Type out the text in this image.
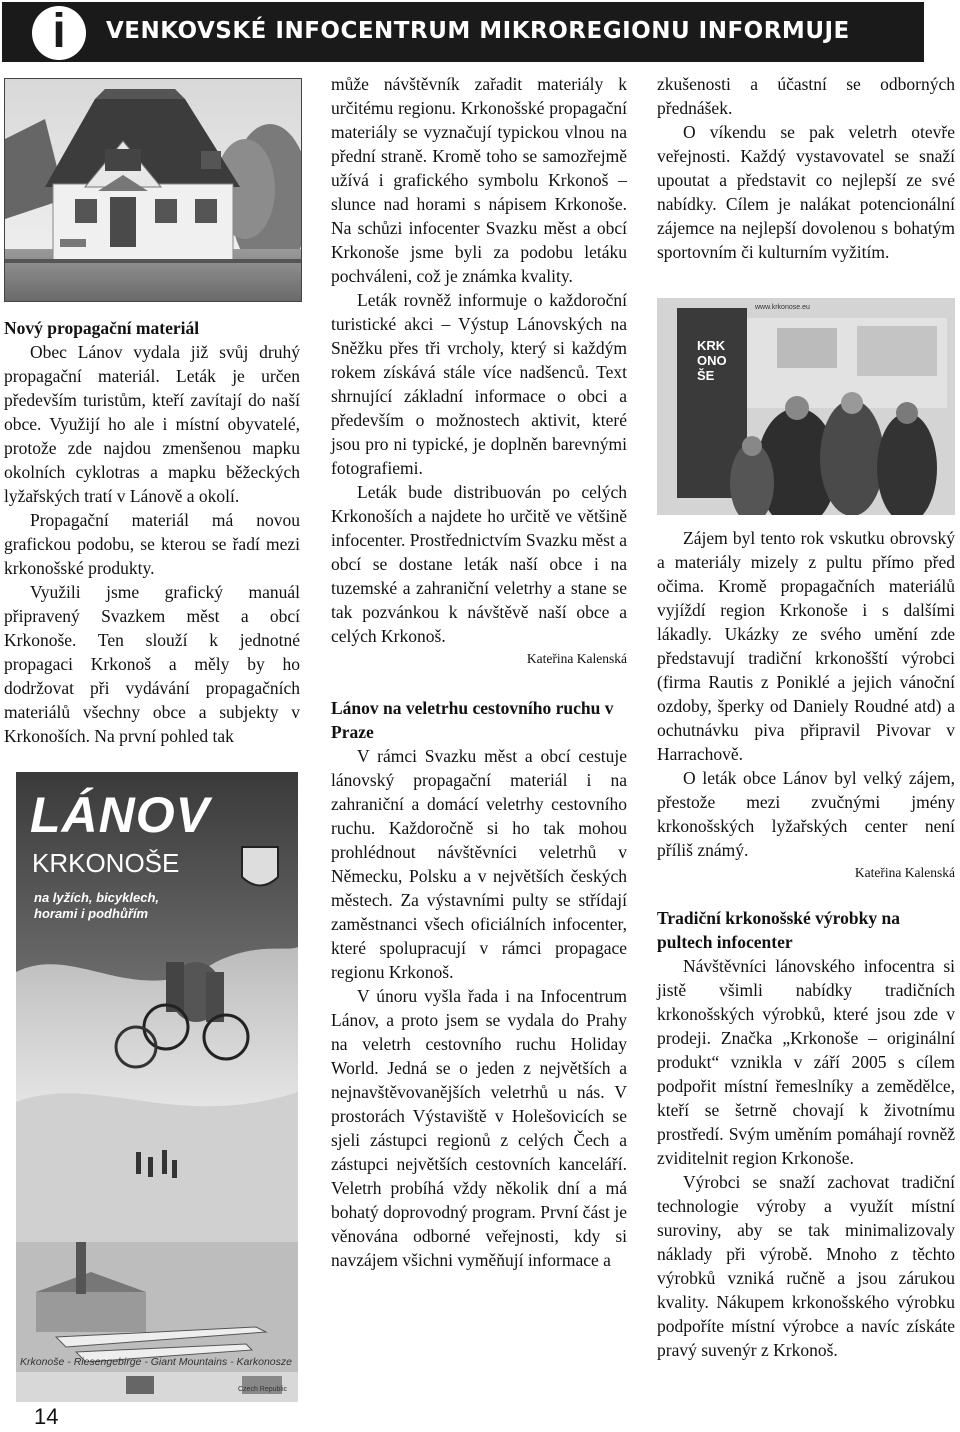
i	VENKOVSKÉ INFOCENTRUM MIKROREGIONU INFORMUJE
Nový propagační materiál

Obec Lánov vydala již svůj druhý propagační materiál. Leták je určen především turistům, kteří zavítají do naší obce. Využijí ho ale i místní obyvatelé, protože zde najdou zmenšenou mapku okolních cyklotras a mapku běžeckých lyžařských tratí v Lánově a okolí.

Propagační materiál má novou grafickou podobu, se kterou se řadí mezi krkonošské produkty.

Využili jsme grafický manuál připravený Svazkem měst a obcí Krkonoše. Ten slouží k jednotné propagaci Krkonoš a měly by ho dodržovat při vydávání propagačních materiálů všechny obce a subjekty v Krkonoších. Na první pohled tak

LÁNOV
KRKONOŠE
na lyžích, bicyklech, horami i podhůřím
Krkonoše - Riesengebirge - Giant Mountains - Karkonosze
Czech Republic

může návštěvník zařadit materiály k určitému regionu. Krkonošské propagační materiály se vyznačují typickou vlnou na přední straně. Kromě toho se samozřejmě užívá i grafického symbolu Krkonoš – slunce nad horami s nápisem Krkonoše. Na schůzi infocenter Svazku měst a obcí Krkonoše jsme byli za podobu letáku pochváleni, což je známka kvality.

Leták rovněž informuje o každoroční turistické akci – Výstup Lánovských na Sněžku přes tři vrcholy, který si každým rokem získává stále více nadšenců. Text shrnující základní informace o obci a především o možnostech aktivit, které jsou pro ni typické, je doplněn barevnými fotografiemi.

Leták bude distribuován po celých Krkonoších a najdete ho určitě ve většině infocenter. Prostřednictvím Svazku měst a obcí se dostane leták naší obce i na tuzemské a zahraniční veletrhy a stane se tak pozvánkou k návštěvě naší obce a celých Krkonoš.

Kateřina Kalenská
Lánov na veletrhu cestovního ruchu v Praze

V rámci Svazku měst a obcí cestuje lánovský propagační materiál i na zahraniční a domácí veletrhy cestovního ruchu. Každoročně si ho tak mohou prohlédnout návštěvníci veletrhů v Německu, Polsku a v největších českých městech. Za výstavními pulty se střídají zaměstnanci všech oficiálních infocenter, které spolupracují v rámci propagace regionu Krkonoš.

V únoru vyšla řada i na Infocentrum Lánov, a proto jsem se vydala do Prahy na veletrh cestovního ruchu Holiday World. Jedná se o jeden z největších a nejnavštěvovanějších veletrhů u nás. V prostorách Výstaviště v Holešovicích se sjeli zástupci regionů z celých Čech a zástupci největších cestovních kanceláří. Veletrh probíhá vždy několik dní a má bohatý doprovodný program. První část je věnována odborné veřejnosti, kdy si navzájem všichni vyměňují informace a

zkušenosti a účastní se odborných přednášek.

O víkendu se pak veletrh otevře veřejnosti. Každý vystavovatel se snaží upoutat a představit co nejlepší ze své nabídky. Cílem je nalákat potencionální zájemce na nejlepší dovolenou s bohatým sportovním či kulturním vyžitím.

KRKONOŠE
www.krkonose.eu

Zájem byl tento rok vskutku obrovský a materiály mizely z pultu přímo před očima. Kromě propagačních materiálů vyjíždí region Krkonoše i s dalšími lákadly. Ukázky ze svého umění zde představují tradiční krkonošští výrobci (firma Rautis z Poniklé a jejich vánoční ozdoby, šperky od Daniely Roudné atd) a ochutnávku piva připravil Pivovar v Harrachově.

O leták obce Lánov byl velký zájem, přestože mezi zvučnými jmény krkonošských lyžařských center není příliš známý.

Kateřina Kalenská
Tradiční krkonošské výrobky na pultech infocenter

Návštěvníci lánovského infocentra si jistě všimli nabídky tradičních krkonošských výrobků, které jsou zde v prodeji. Značka „Krkonoše – originální produkt“ vznikla v září 2005 s cílem podpořit místní řemeslníky a zemědělce, kteří se šetrně chovají k životnímu prostředí. Svým uměním pomáhají rovněž zviditelnit region Krkonoše.

Výrobci se snaží zachovat tradiční technologie výroby a využít místní suroviny, aby se tak minimalizovaly náklady při výrobě. Mnoho z těchto výrobků vzniká ručně a jsou zárukou kvality. Nákupem krkonošského výrobku podpoříte místní výrobce a navíc získáte pravý suvenýr z Krkonoš.

14
